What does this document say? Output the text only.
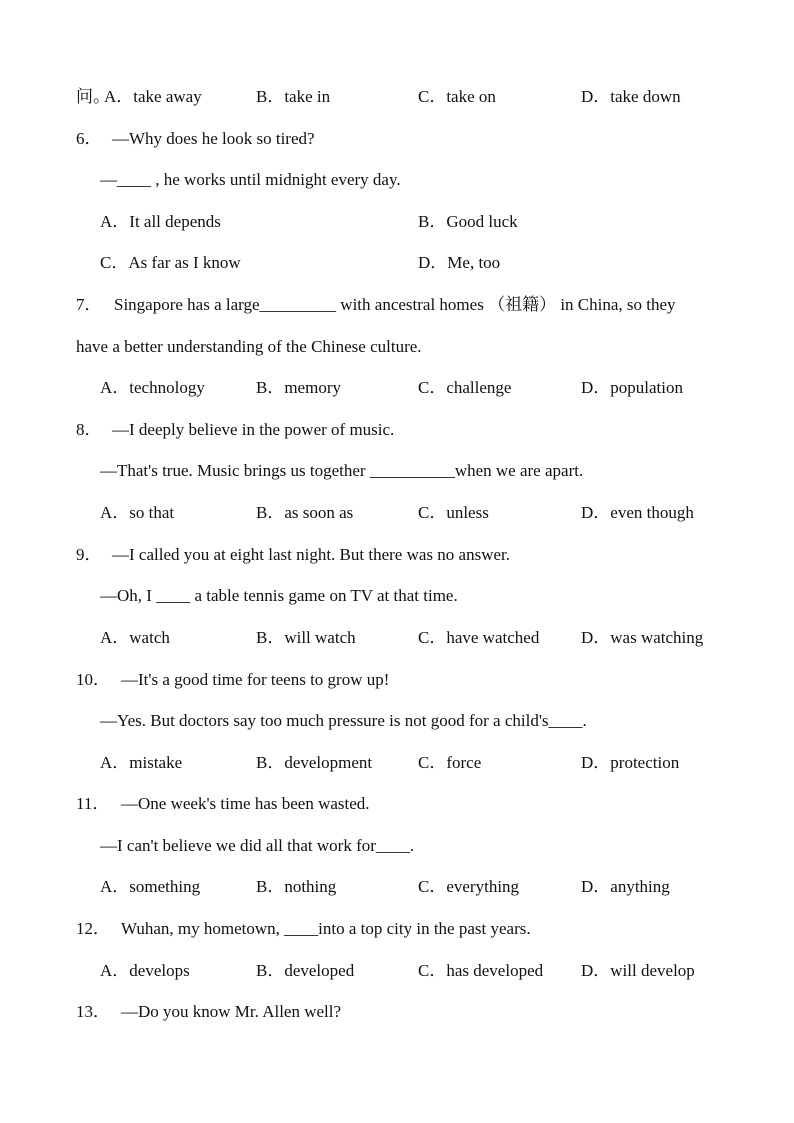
问。
A．take away	B．take in	C．take on	D．take down
6． —Why does he look so tired?
—____ , he works until midnight every day.
A．It all depends	B．Good luck
C．As far as I know	D．Me, too
7． Singapore has a large_________ with ancestral homes （祖籍） in China, so they
have a better understanding of the Chinese culture.
A．technology	B．memory	C．challenge	D．population
8． —I deeply believe in the power of music.
—That's true. Music brings us together __________when we are apart.
A．so that	B．as soon as	C．unless	D．even though
9． —I called you at eight last night. But there was no answer.
—Oh, I ____ a table tennis game on TV at that time.
A．watch	B．will watch	C．have watched D．was watching
10． —It's a good time for teens to grow up!
—Yes. But doctors say too much pressure is not good for a child's____.
A．mistake	B．development	C．force	D．protection
11． —One week's time has been wasted.
—I can't believe we did all that work for____.
A．something	B．nothing	C．everything	D．anything
12． Wuhan, my hometown, ____into a top city in the past years.
A．develops	B．developed	C．has developed D．will develop
13． —Do you know Mr. Allen well?
